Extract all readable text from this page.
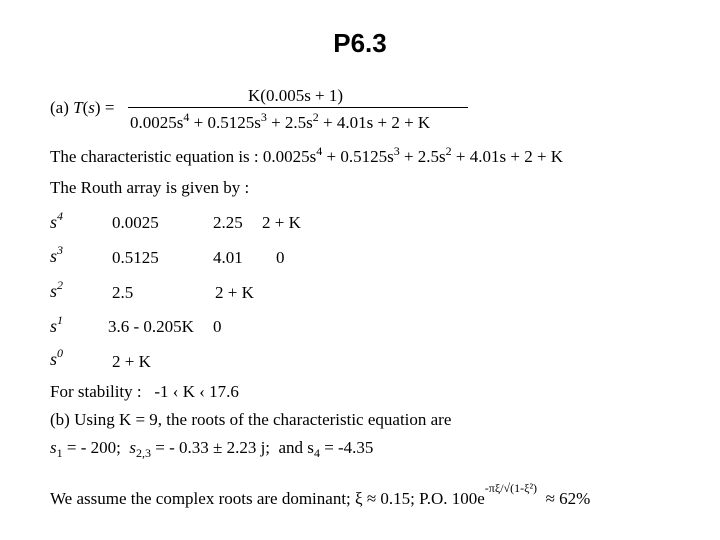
P6.3
(a) T(s) =
K(0.005s + 1)
$0.0025s^4 + 0.5125s^3 + 2.5s^2 + 4.01s + 2 + K$
The characteristic equation is : $0.0025s^4 + 0.5125s^3 + 2.5s^2 + 4.01s + 2 + K$
The Routh array is given by :
$s^4$	0.0025	2.25 2 + K
$s^3$	0.5125	4.01 0
$s^2$	2.5	2 + K
$s^1$	3.6 - 0.205K 0
$s^0$	2 + K
For stability :   -1 ‹ K ‹ 17.6
(b) Using K = 9, the roots of the characteristic equation are
$s_1$ = - 200; $s_{2,3}$ = - 0.33 ± 2.23 j; and $s_4 = -4.35$
We assume the complex roots are dominant; ξ ≈ 0.15; P.O. $100e^{-\pi\xi/√(1-\xi^2)} \approx 62\%$
